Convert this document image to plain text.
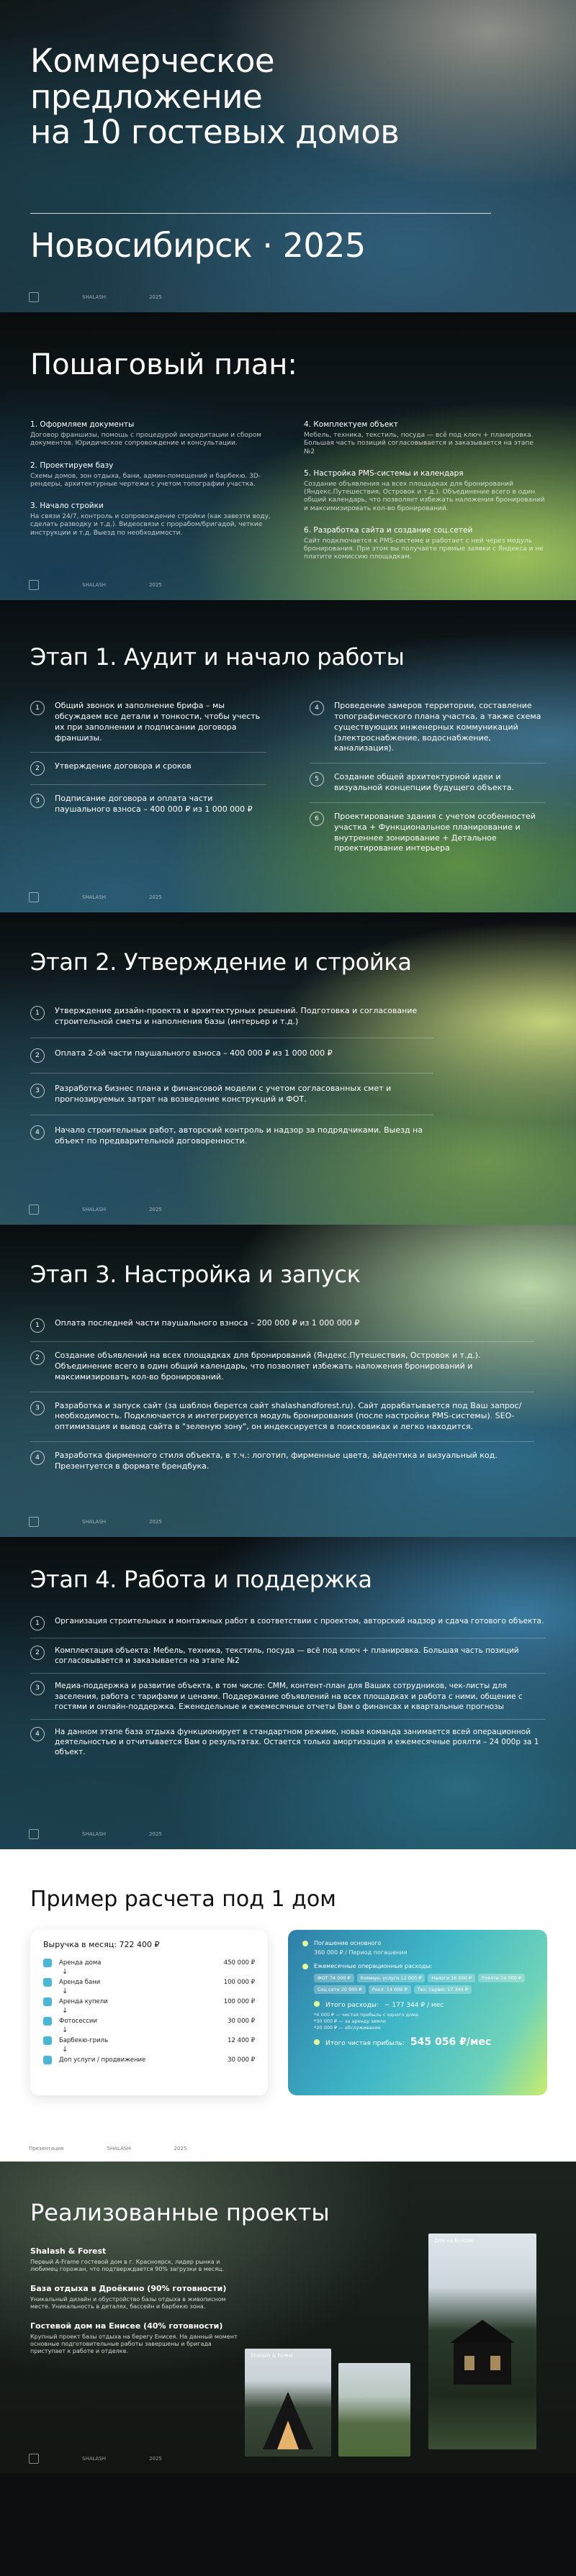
Коммерческое
предложение
на 10 гостевых домов
Новосибирск · 2025
SHALASH	2025
Пошаговый план:
1. Оформляем документы

Договор франшизы, помощь с процедурой аккредитации и сбором документов. Юридическое сопровождение и консультации.

2. Проектируем базу

Схемы домов, зон отдыха, бани, админ-помещений и барбекю. 3D-рендеры, архитектурные чертежи с учетом топографии участка.

3. Начало стройки

На связи 24/7, контроль и сопровождение стройки (как завезти воду, сделать разводку и т.д.). Видеосвязи с прорабом/бригадой, четкие инструкции и т.д. Выезд по необходимости.

4. Комплектуем объект

Мебель, техника, текстиль, посуда — всё под ключ + планировка. Большая часть позиций согласовывается и заказывается на этапе №2

5. Настройка PMS-системы и календаря

Создание объявления на всех площадках для бронирований (Яндекс.Путешествия, Островок и т.д.). Объединение всего в один общий календарь, что позволяет избежать наложения бронирований и максимизировать кол-во бронирований.

6. Разработка сайта и создание соц.сетей

Сайт подключается к PMS-системе и работает с ней через модуль бронирования. При этом вы получаете прямые заявки с Яндекса и не платите комиссию площадкам.

SHALASH	2025
Этап 1. Аудит и начало работы
1	Общий звонок и заполнение брифа – мы обсуждаем все детали и тонкости, чтобы учесть их при заполнении и подписании договора франшизы.
2	Утверждение договора и сроков
3	Подписание договора и оплата части паушального взноса – 400 000 ₽ из 1 000 000 ₽
4	Проведение замеров территории, составление топографического плана участка, а также схема существующих инженерных коммуникаций (электроснабжение, водоснабжение, канализация).
5	Создание общей архитектурной идеи и визуальной концепции будущего объекта.
6	Проектирование здания с учетом особенностей участка + Функциональное планирование и внутреннее зонирование + Детальное проектирование интерьера
SHALASH	2025
Этап 2. Утверждение и стройка
1	Утверждение дизайн-проекта и архитектурных решений. Подготовка и согласование строительной сметы и наполнения базы (интерьер и т.д.)
2	Оплата 2-ой части паушального взноса – 400 000 ₽ из 1 000 000 ₽
3	Разработка бизнес плана и финансовой модели с учетом согласованных смет и прогнозируемых затрат на возведение конструкций и ФОТ.
4	Начало строительных работ, авторский контроль и надзор за подрядчиками. Выезд на объект по предварительной договоренности.
SHALASH	2025
Этап 3. Настройка и запуск
1	Оплата последней части паушального взноса – 200 000 ₽ из 1 000 000 ₽
2	Создание объявлений на всех площадках для бронирований (Яндекс.Путешествия, Островок и т.д.). Объединение всего в один общий календарь, что позволяет избежать наложения бронирований и максимизировать кол-во бронирований.
3	Разработка и запуск сайт (за шаблон берется сайт shalashandforest.ru). Сайт дорабатывается под Ваш запрос/необходимость. Подключается и интегрируется модуль бронирования (после настройки PMS-системы). SEO-оптимизация и вывод сайта в "зеленую зону", он индексируется в поисковиках и легко находится.
4	Разработка фирменного стиля объекта, в т.ч.: логотип, фирменные цвета, айдентика и визуальный код. Презентуется в формате брендбука.
SHALASH	2025
Этап 4. Работа и поддержка
1	Организация строительных и монтажных работ в соответствии с проектом, авторский надзор и сдача готового объекта.
2	Комплектация объекта: Мебель, техника, текстиль, посуда — всё под ключ + планировка. Большая часть позиций согласовывается и заказывается на этапе №2
3	Медиа-поддержка и развитие объекта, в том числе: СММ, контент-план для Ваших сотрудников, чек-листы для заселения, работа с тарифами и ценами. Поддержание объявлений на всех площадках и работа с ними, общение с гостями и онлайн-поддержка. Еженедельные и ежемесячные отчеты Вам о финансах и квартальные прогнозы
4	На данном этапе база отдыха функционирует в стандартном режиме, новая команда занимается всей операционной деятельностью и отчитывается Вам о результатах. Остается только амортизация и ежемесячные роялти – 24 000р за 1 объект.
SHALASH	2025
Пример расчета под 1 дом
Выручка в месяц: 722 400 ₽
Аренда дома	450 000 ₽
↓
Аренда бани	100 000 ₽
↓
Аренда купели	100 000 ₽
↓
Фотосессии	30 000 ₽
↓
Барбекю-гриль	12 400 ₽
↓
Доп услуги / продвижение	30 000 ₽
Погашение основного
360 000 ₽ / Период погашения
Ежемесячные операционные расходы:
ФОТ 74 000 ₽	Коммун. услуги 12 000 ₽	Налоги 16 000 ₽	Роялти 24 000 ₽
Соц сети 20 000 ₽	Рекл. 14 000 ₽	Тех. сервис 17 344 ₽
Итого расходы: ~ 177 344 ₽ / мес
*4 000 ₽ — чистая прибыль с одного дома
*30 000 ₽ — за аренду земли
*20 000 ₽ — обслуживание
Итого чистая прибыль: 545 056 ₽/мес
Презентация	SHALASH	2025
Реализованные проекты
Shalash & Forest

Первый А-Frame гостевой дом в г. Красноярск, лидер рынка и любимец горожан, что подтверждается 90% загрузки в месяц.

База отдыха в Дроёкино (90% готовности)

Уникальный дизайн и обустройство базы отдыха в живописном месте. Уникальность в деталях, бассейн и барбекю зона.

Гостевой дом на Енисее (40% готовности)

Крупный проект базы отдыха на берегу Енисея. На данный момент основные подготовительные работы завершены и бригада приступает к работе и отделке.

Shalash & Forest
Дом на Енисее
SHALASH	2025
